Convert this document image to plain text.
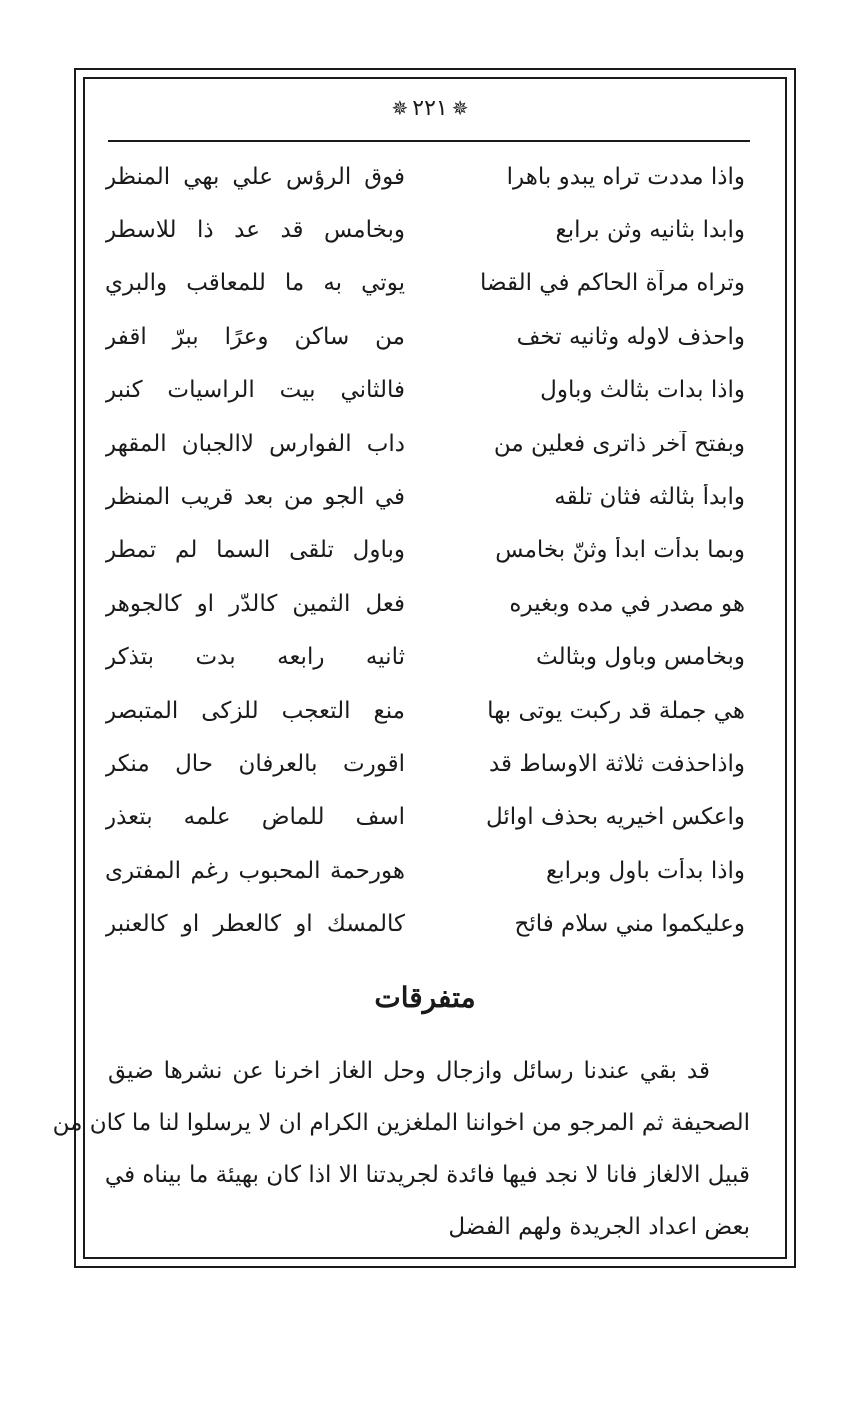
✵٢٢١✵
واذا مددت تراه يبدو باهرا
فوق الرؤس علي بهي المنظر
وابدا بثانيه وثن برابع
وبخامس قد عد ذا للاسطر
وتراه مرآة الحاكم في القضا
يوتي به ما للمعاقب والبري
واحذف لاوله وثانيه تخف
من ساكن وعرًا ببرّ اقفر
واذا بدات بثالث وباول
فالثاني بيت الراسيات كنبر
وبفتح آخر ذاترى فعلين من
داب الفوارس لاالجبان المقهر
وابدأ بثالثه فثان تلقه
في الجو من بعد قريب المنظر
وبما بدأت ابدأ وثنّ بخامس
وباول تلقى السما لم تمطر
هو مصدر في مده وبغيره
فعل الثمين كالدّر او كالجوهر
وبخامس وباول وبثالث
ثانيه رابعه بدت بتذكر
هي جملة قد ركبت يوتى بها
منع التعجب للزكى المتبصر
واذاحذفت ثلاثة الاوساط قد
اقورت بالعرفان حال منكر
واعكس اخيريه بحذف اوائل
اسف للماض علمه بتعذر
واذا بدأت باول وبرابع
هورحمة المحبوب رغم المفترى
وعليكموا مني سلام فائح
كالمسك او كالعطر او كالعنبر
متفرقات
قد بقي عندنا رسائل وازجال وحل الغاز اخرنا عن نشرها ضيق
الصحيفة ثم المرجو من اخواننا الملغزين الكرام ان لا يرسلوا لنا ما كان من
قبيل الالغاز فانا لا نجد فيها فائدة لجريدتنا الا اذا كان بهيئة ما بيناه في
بعض اعداد الجريدة ولهم الفضل
